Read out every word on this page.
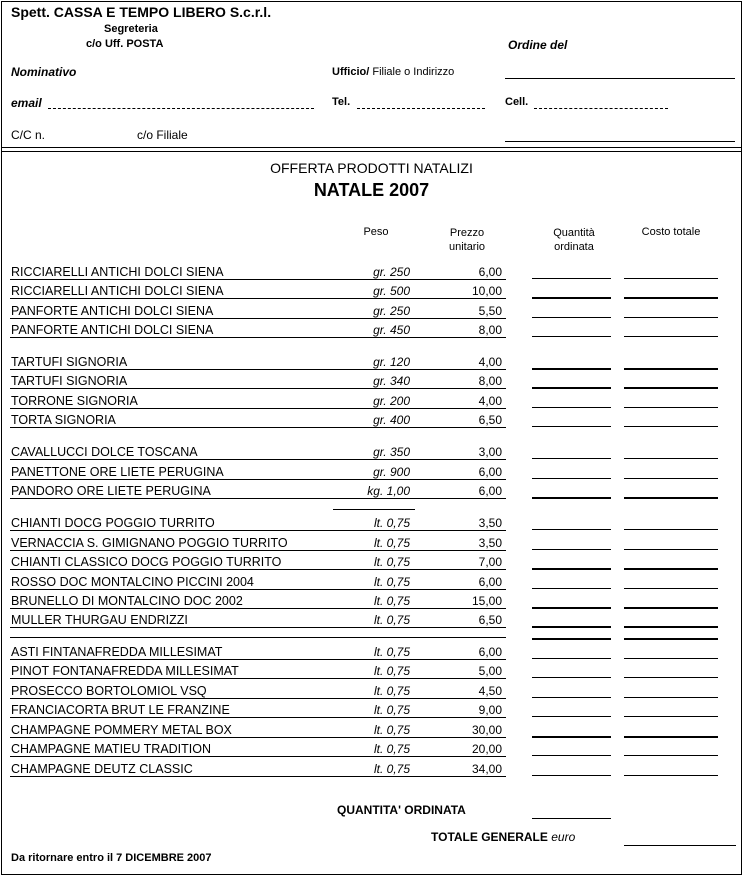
Spett. CASSA E TEMPO LIBERO S.c.r.l.
Segreteria
c/o Uff. POSTA	Ordine del
Nominativo	Ufficio/ Filiale o Indirizzo
email	Tel.	Cell.
C/C n.	c/o Filiale
OFFERTA PRODOTTI NATALIZI
NATALE 2007
Peso	Prezzo
unitario
Quantità
ordinata
Costo totale
RICCIARELLI ANTICHI DOLCI SIENA	gr. 250	6,00
RICCIARELLI ANTICHI DOLCI SIENA	gr. 500	10,00
PANFORTE ANTICHI DOLCI SIENA	gr. 250	5,50
PANFORTE ANTICHI DOLCI SIENA	gr. 450	8,00
TARTUFI SIGNORIA	gr. 120	4,00
TARTUFI SIGNORIA	gr. 340	8,00
TORRONE SIGNORIA	gr. 200	4,00
TORTA SIGNORIA	gr. 400	6,50
CAVALLUCCI DOLCE TOSCANA	gr. 350	3,00
PANETTONE ORE LIETE PERUGINA	gr. 900	6,00
PANDORO ORE LIETE PERUGINA	kg. 1,00	6,00
CHIANTI DOCG POGGIO TURRITO	lt. 0,75	3,50
VERNACCIA S. GIMIGNANO POGGIO TURRITO	lt. 0,75	3,50
CHIANTI CLASSICO DOCG POGGIO TURRITO	lt. 0,75	7,00
ROSSO DOC MONTALCINO PICCINI 2004	lt. 0,75	6,00
BRUNELLO DI MONTALCINO DOC 2002	lt. 0,75	15,00
MULLER THURGAU ENDRIZZI	lt. 0,75	6,50
ASTI FINTANAFREDDA MILLESIMAT	lt. 0,75	6,00
PINOT FONTANAFREDDA MILLESIMAT	lt. 0,75	5,00
PROSECCO BORTOLOMIOL VSQ	lt. 0,75	4,50
FRANCIACORTA BRUT LE FRANZINE	lt. 0,75	9,00
CHAMPAGNE POMMERY METAL BOX	lt. 0,75	30,00
CHAMPAGNE MATIEU TRADITION	lt. 0,75	20,00
CHAMPAGNE DEUTZ CLASSIC	lt. 0,75	34,00
QUANTITA' ORDINATA
TOTALE GENERALE euro
Da ritornare entro il 7 DICEMBRE 2007
